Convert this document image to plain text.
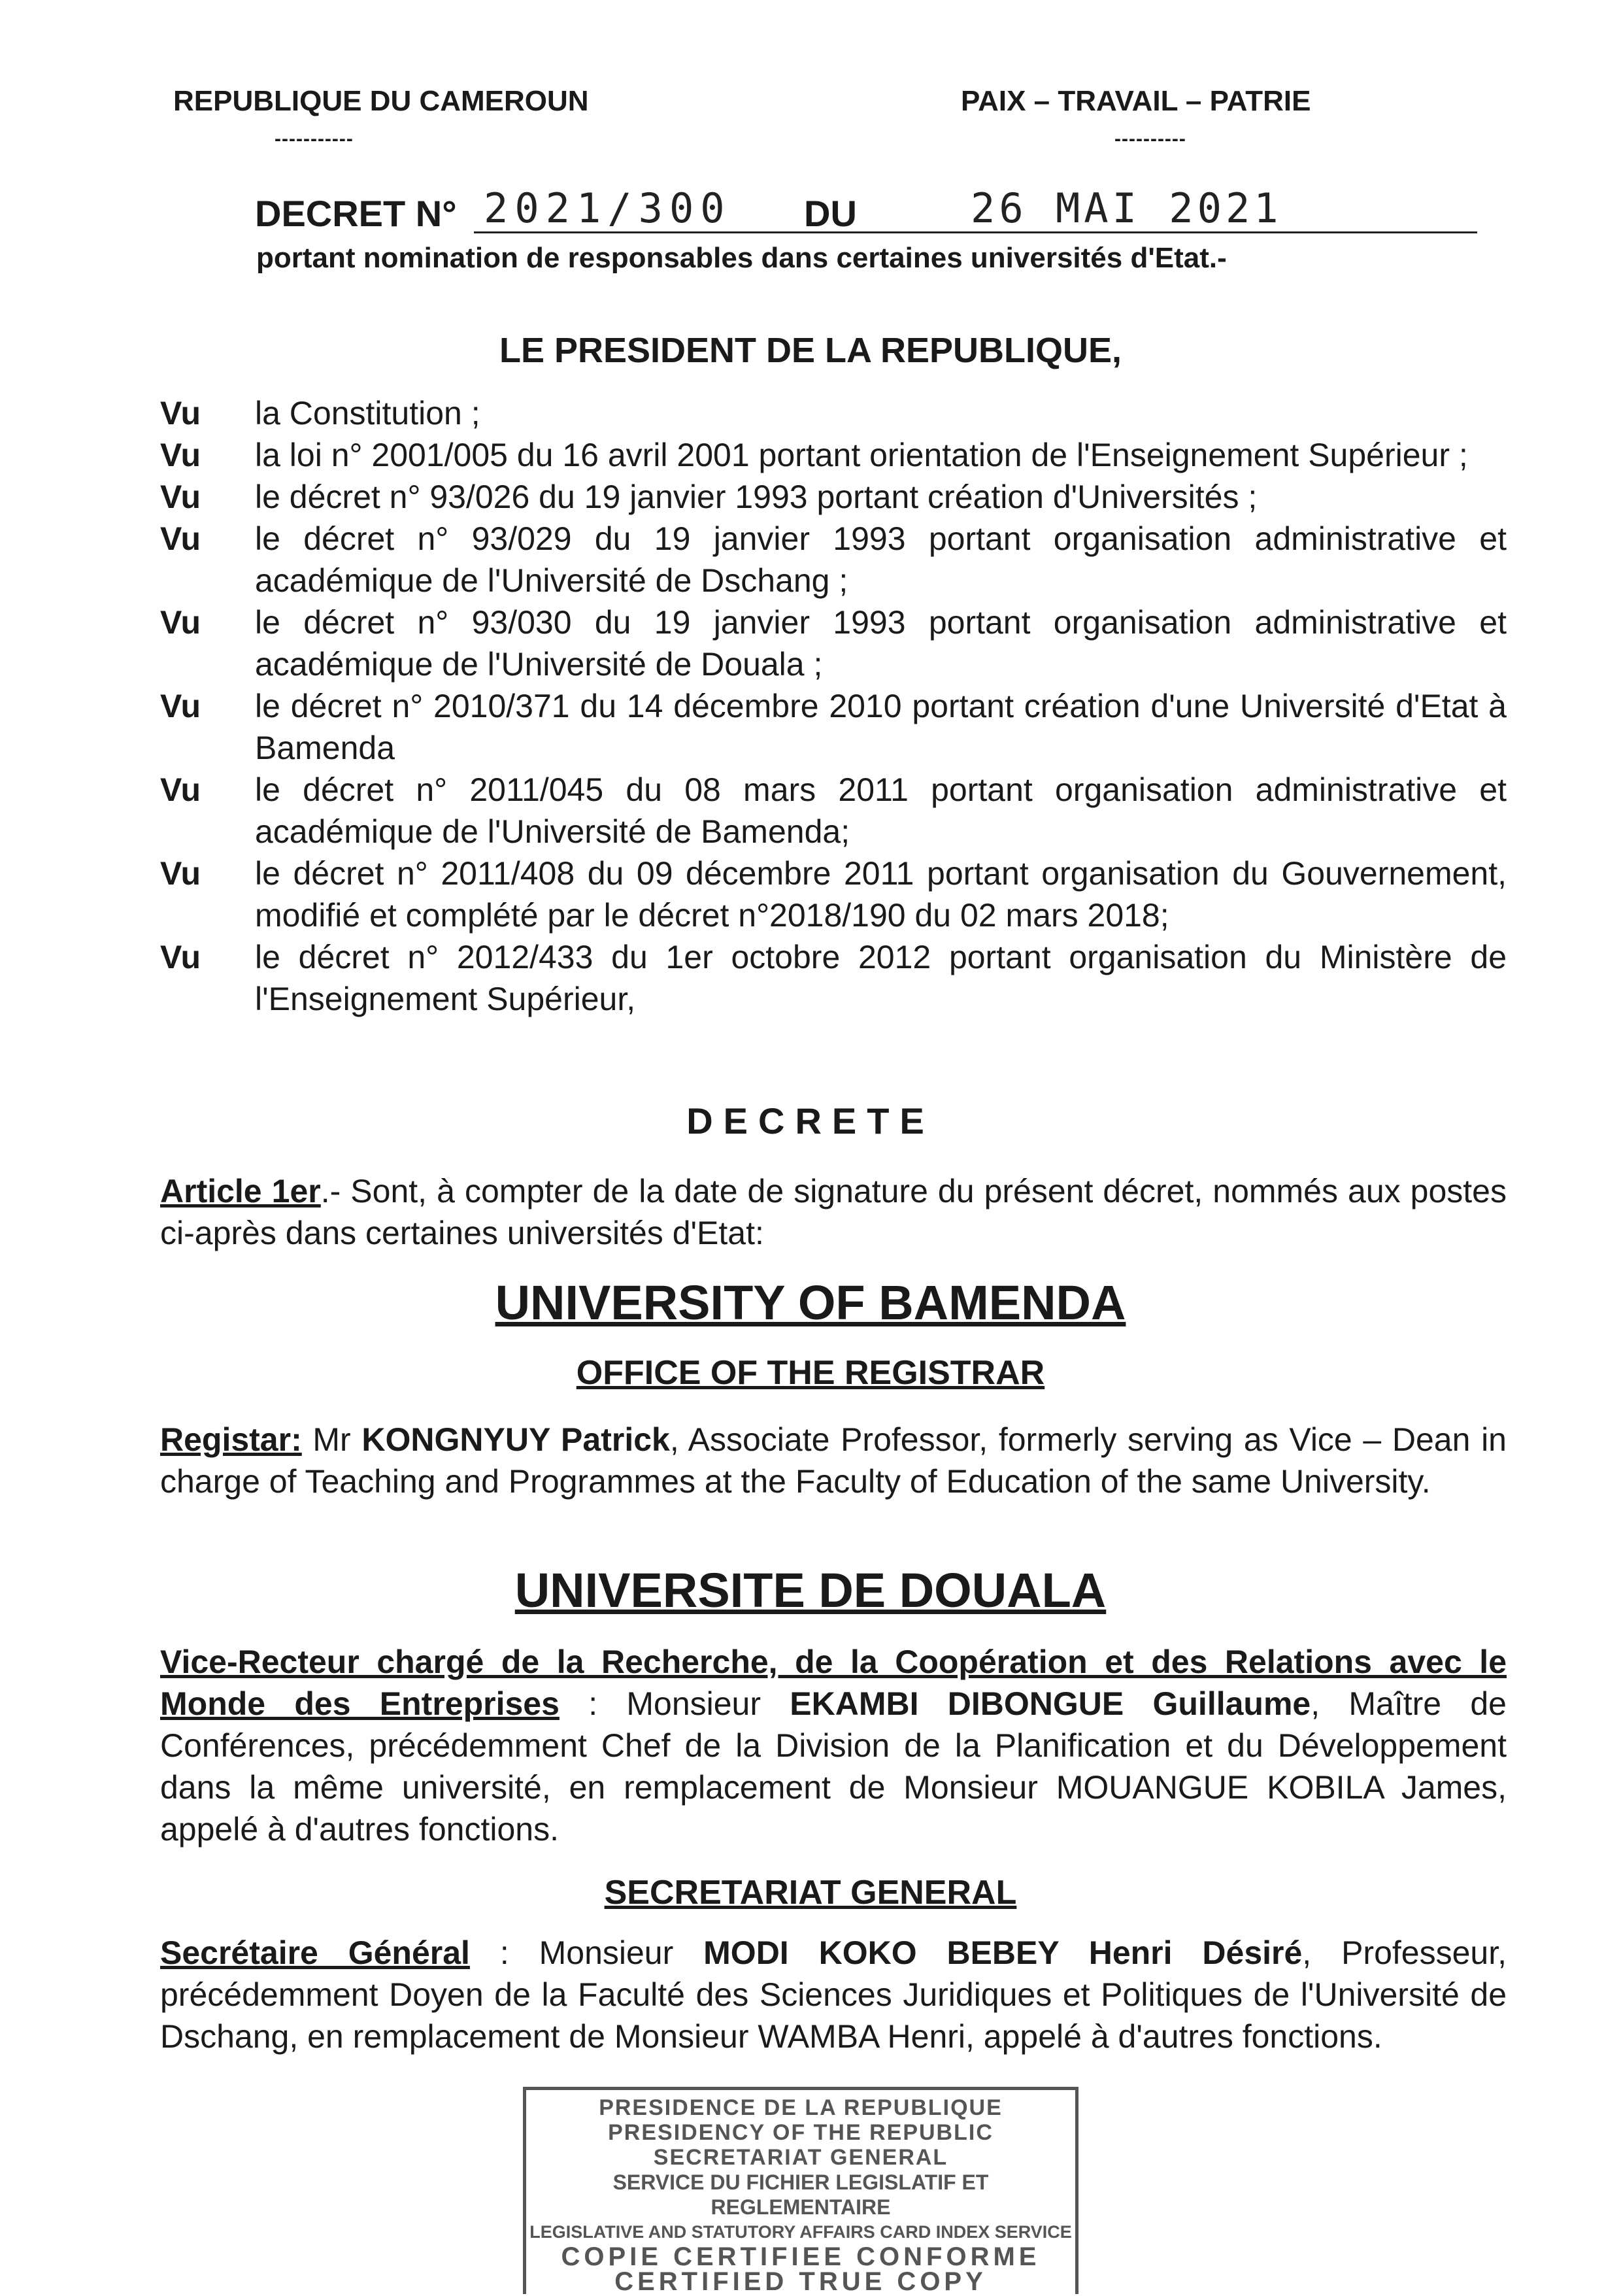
REPUBLIQUE DU CAMEROUN
-----------
PAIX – TRAVAIL – PATRIE
----------
DECRET N° 2021/300 DU	26 MAI 2021
portant nomination de responsables dans certaines universités d'Etat.-
LE PRESIDENT DE LA REPUBLIQUE,
Vu	la Constitution ;
Vu	la loi n° 2001/005 du 16 avril 2001 portant orientation de l'Enseignement Supérieur ;
Vu	le décret n° 93/026 du 19 janvier 1993 portant création d'Universités ;
Vu	le décret n° 93/029 du 19 janvier 1993 portant organisation administrative et académique de l'Université de Dschang ;
Vu	le décret n° 93/030 du 19 janvier 1993 portant organisation administrative et académique de l'Université de Douala ;
Vu	le décret n° 2010/371 du 14 décembre 2010 portant création d'une Université d'Etat à Bamenda
Vu	le décret n° 2011/045 du 08 mars 2011 portant organisation administrative et académique de l'Université de Bamenda;
Vu	le décret n° 2011/408 du 09 décembre 2011 portant organisation du Gouvernement, modifié et complété par le décret n°2018/190 du 02 mars 2018;
Vu	le décret n° 2012/433 du 1er octobre 2012 portant organisation du Ministère de l'Enseignement Supérieur,
DECRETE
Article 1er.- Sont, à compter de la date de signature du présent décret, nommés aux postes ci-après dans certaines universités d'Etat:
UNIVERSITY OF BAMENDA
OFFICE OF THE REGISTRAR
Registar: Mr KONGNYUY Patrick, Associate Professor, formerly serving as Vice – Dean in charge of Teaching and Programmes at the Faculty of Education of the same University.
UNIVERSITE DE DOUALA
Vice-Recteur chargé de la Recherche, de la Coopération et des Relations avec le Monde des Entreprises : Monsieur EKAMBI DIBONGUE Guillaume, Maître de Conférences, précédemment Chef de la Division de la Planification et du Développement dans la même université, en remplacement de Monsieur MOUANGUE KOBILA James, appelé à d'autres fonctions.
SECRETARIAT GENERAL
Secrétaire Général : Monsieur MODI KOKO BEBEY Henri Désiré, Professeur, précédemment Doyen de la Faculté des Sciences Juridiques et Politiques de l'Université de Dschang, en remplacement de Monsieur WAMBA Henri, appelé à d'autres fonctions.
PRESIDENCE DE LA REPUBLIQUE
PRESIDENCY OF THE REPUBLIC
SECRETARIAT GENERAL
SERVICE DU FICHIER LEGISLATIF ET REGLEMENTAIRE
LEGISLATIVE AND STATUTORY AFFAIRS CARD INDEX SERVICE
COPIE CERTIFIEE CONFORME
CERTIFIED TRUE COPY
